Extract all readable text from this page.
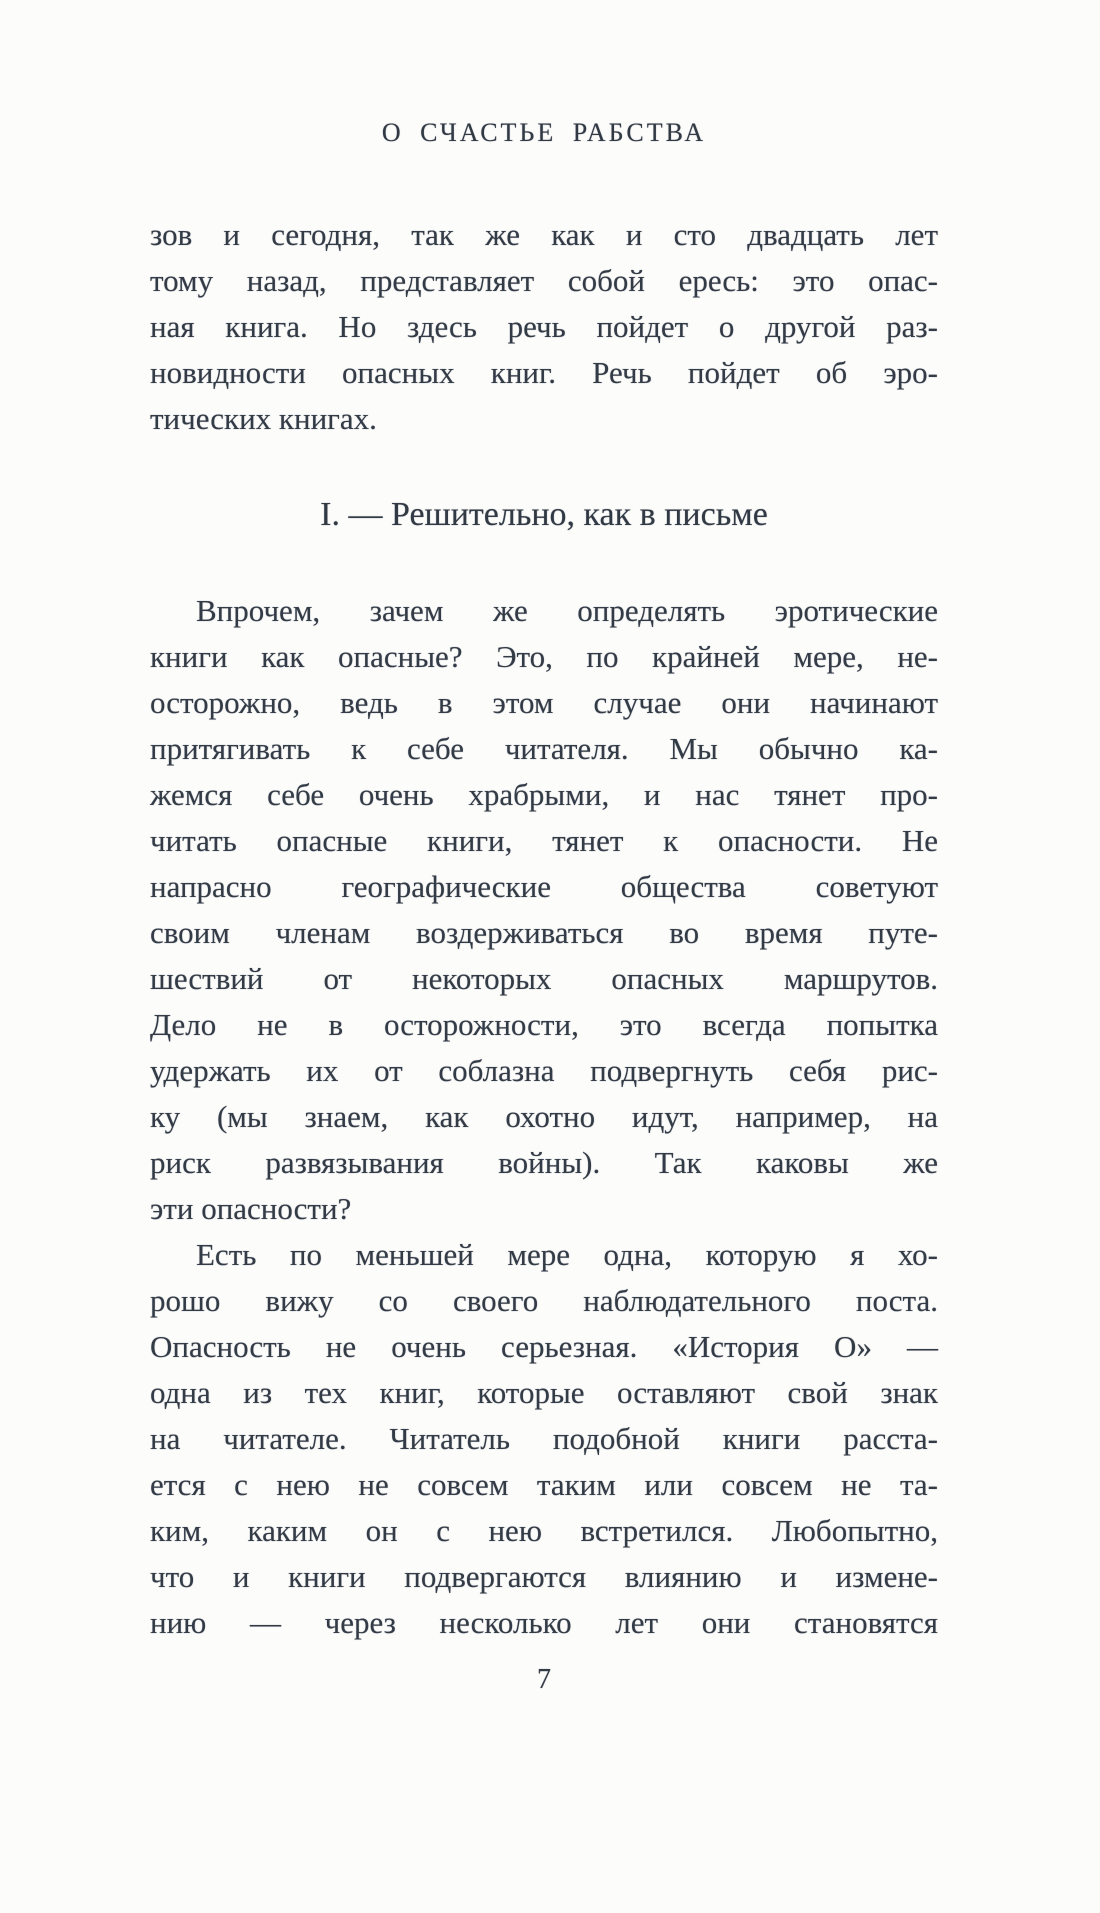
О СЧАСТЬЕ РАБСТВА
зов и сегодня, так же как и сто двадцать лет
тому назад, представляет собой ересь: это опас-
ная книга. Но здесь речь пойдет о другой раз-
новидности опасных книг. Речь пойдет об эро-
тических книгах.
I. — Решительно, как в письме
Впрочем, зачем же определять эротические
книги как опасные? Это, по крайней мере, не-
осторожно, ведь в этом случае они начинают
притягивать к себе читателя. Мы обычно ка-
жемся себе очень храбрыми, и нас тянет про-
читать опасные книги, тянет к опасности. Не
напрасно географические общества советуют
своим членам воздерживаться во время путе-
шествий от некоторых опасных маршрутов.
Дело не в осторожности, это всегда попытка
удержать их от соблазна подвергнуть себя рис-
ку (мы знаем, как охотно идут, например, на
риск развязывания войны). Так каковы же
эти опасности?
Есть по меньшей мере одна, которую я хо-
рошо вижу со своего наблюдательного поста.
Опасность не очень серьезная. «История О» —
одна из тех книг, которые оставляют свой знак
на читателе. Читатель подобной книги расста-
ется с нею не совсем таким или совсем не та-
ким, каким он с нею встретился. Любопытно,
что и книги подвергаются влиянию и измене-
нию — через несколько лет они становятся
7
